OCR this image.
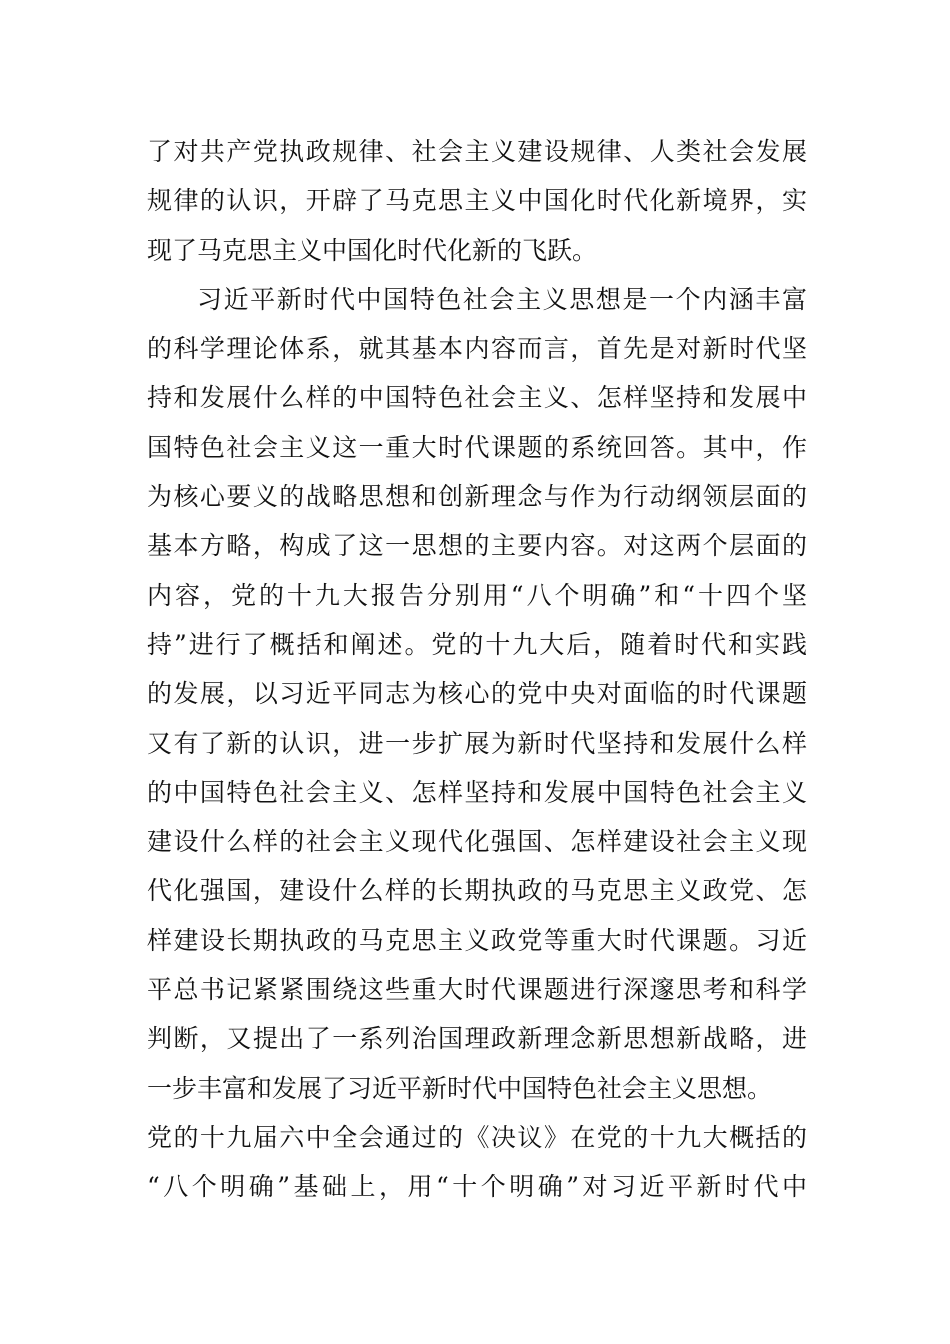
了对共产党执政规律、社会主义建设规律、人类社会发展
规律的认识，开辟了马克思主义中国化时代化新境界，实
现了马克思主义中国化时代化新的飞跃。
习近平新时代中国特色社会主义思想是一个内涵丰富
的科学理论体系，就其基本内容而言，首先是对新时代坚
持和发展什么样的中国特色社会主义、怎样坚持和发展中
国特色社会主义这一重大时代课题的系统回答。其中，作
为核心要义的战略思想和创新理念与作为行动纲领层面的
基本方略，构成了这一思想的主要内容。对这两个层面的
内容，党的十九大报告分别用“八个明确”和“十四个坚
持”进行了概括和阐述。党的十九大后，随着时代和实践
的发展，以习近平同志为核心的党中央对面临的时代课题
又有了新的认识，进一步扩展为新时代坚持和发展什么样
的中国特色社会主义、怎样坚持和发展中国特色社会主义
建设什么样的社会主义现代化强国、怎样建设社会主义现
代化强国，建设什么样的长期执政的马克思主义政党、怎
样建设长期执政的马克思主义政党等重大时代课题。习近
平总书记紧紧围绕这些重大时代课题进行深邃思考和科学
判断，又提出了一系列治国理政新理念新思想新战略，进
一步丰富和发展了习近平新时代中国特色社会主义思想。
党的十九届六中全会通过的《决议》在党的十九大概括的
“八个明确”基础上，用“十个明确”对习近平新时代中
